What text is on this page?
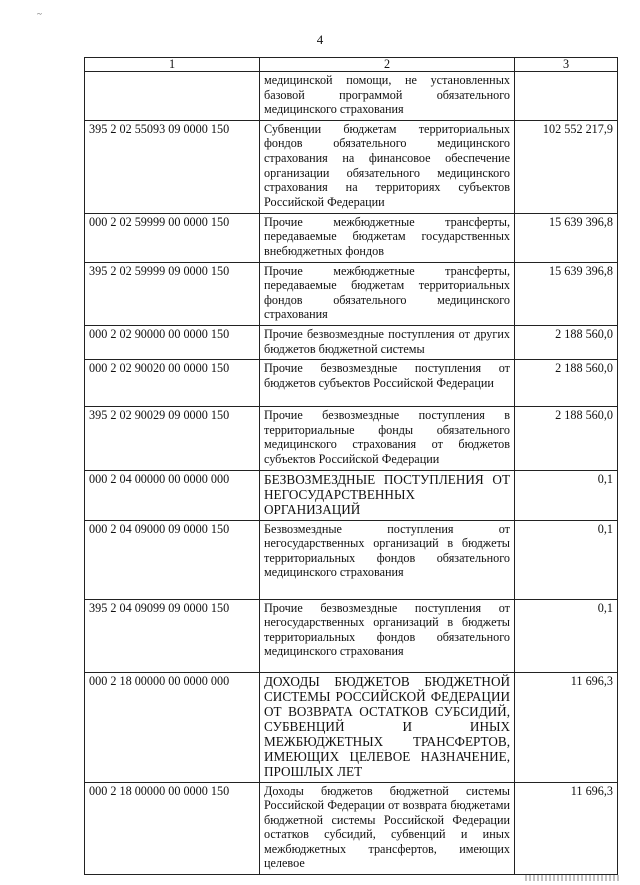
~
4
1	2	3
	медицинской помощи, не установленных базовой программой обязательного медицинского страхования	
395 2 02 55093 09 0000 150	Субвенции бюджетам территориальных фондов обязательного медицинского страхования на финансовое обеспечение организации обязательного медицинского страхования на территориях субъектов Российской Федерации	102 552 217,9
000 2 02 59999 00 0000 150	Прочие межбюджетные трансферты, передаваемые бюджетам государственных внебюджетных фондов	15 639 396,8
395 2 02 59999 09 0000 150	Прочие межбюджетные трансферты, передаваемые бюджетам территориальных фондов обязательного медицинского страхования	15 639 396,8
000 2 02 90000 00 0000 150	Прочие безвозмездные поступления от других бюджетов бюджетной системы	2 188 560,0
000 2 02 90020 00 0000 150	Прочие безвозмездные поступления от бюджетов субъектов Российской Федерации	2 188 560,0
395 2 02 90029 09 0000 150	Прочие безвозмездные поступления в территориальные фонды обязательного медицинского страхования от бюджетов субъектов Российской Федерации	2 188 560,0
000 2 04 00000 00 0000 000	БЕЗВОЗМЕЗДНЫЕ ПОСТУПЛЕНИЯ ОТ НЕГОСУДАРСТВЕННЫХ ОРГАНИЗАЦИЙ	0,1
000 2 04 09000 09 0000 150	Безвозмездные поступления от негосударственных организаций в бюджеты территориальных фондов обязательного медицинского страхования	0,1
395 2 04 09099 09 0000 150	Прочие безвозмездные поступления от негосударственных организаций в бюджеты территориальных фондов обязательного медицинского страхования	0,1
000 2 18 00000 00 0000 000	ДОХОДЫ БЮДЖЕТОВ БЮДЖЕТНОЙ СИСТЕМЫ РОССИЙСКОЙ ФЕДЕРАЦИИ ОТ ВОЗВРАТА ОСТАТКОВ СУБСИДИЙ, СУБВЕНЦИЙ И ИНЫХ МЕЖБЮДЖЕТНЫХ ТРАНСФЕРТОВ, ИМЕЮЩИХ ЦЕЛЕВОЕ НАЗНАЧЕНИЕ, ПРОШЛЫХ ЛЕТ	11 696,3
000 2 18 00000 00 0000 150	Доходы бюджетов бюджетной системы Российской Федерации от возврата бюджетами бюджетной системы Российской Федерации остатков субсидий, субвенций и иных межбюджетных трансфертов, имеющих целевое	11 696,3
